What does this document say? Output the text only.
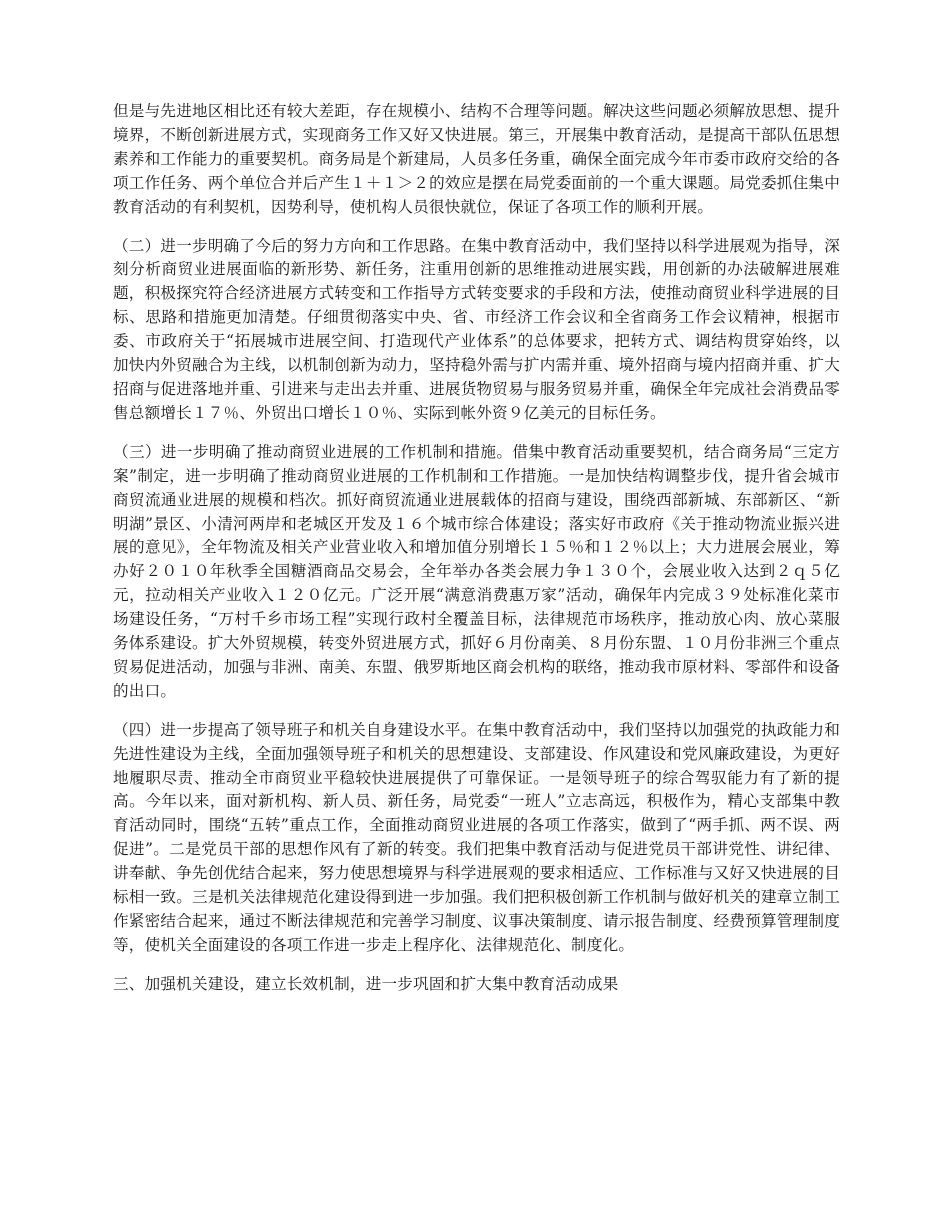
但是与先进地区相比还有较大差距，存在规模小、结构不合理等问题。解决这些问题必须解放思想、提升境界，不断创新进展方式，实现商务工作又好又快进展。第三，开展集中教育活动，是提高干部队伍思想素养和工作能力的重要契机。商务局是个新建局，人员多任务重，确保全面完成今年市委市政府交给的各项工作任务、两个单位合并后产生１＋１＞２的效应是摆在局党委面前的一个重大课题。局党委抓住集中教育活动的有利契机，因势利导，使机构人员很快就位，保证了各项工作的顺利开展。

（二）进一步明确了今后的努力方向和工作思路。在集中教育活动中，我们坚持以科学进展观为指导，深刻分析商贸业进展面临的新形势、新任务，注重用创新的思维推动进展实践，用创新的办法破解进展难题，积极探究符合经济进展方式转变和工作指导方式转变要求的手段和方法，使推动商贸业科学进展的目标、思路和措施更加清楚。仔细贯彻落实中央、省、市经济工作会议和全省商务工作会议精神，根据市委、市政府关于“拓展城市进展空间、打造现代产业体系”的总体要求，把转方式、调结构贯穿始终，以加快内外贸融合为主线，以机制创新为动力，坚持稳外需与扩内需并重、境外招商与境内招商并重、扩大招商与促进落地并重、引进来与走出去并重、进展货物贸易与服务贸易并重，确保全年完成社会消费品零售总额增长１７％、外贸出口增长１０％、实际到帐外资９亿美元的目标任务。

（三）进一步明确了推动商贸业进展的工作机制和措施。借集中教育活动重要契机，结合商务局“三定方案”制定，进一步明确了推动商贸业进展的工作机制和工作措施。一是加快结构调整步伐，提升省会城市商贸流通业进展的规模和档次。抓好商贸流通业进展载体的招商与建设，围绕西部新城、东部新区、“新明湖”景区、小清河两岸和老城区开发及１６个城市综合体建设；落实好市政府《关于推动物流业振兴进展的意见》，全年物流及相关产业营业收入和增加值分别增长１５％和１２％以上；大力进展会展业，筹办好２０１０年秋季全国糖酒商品交易会，全年举办各类会展力争１３０个，会展业收入达到２ｑ５亿元，拉动相关产业收入１２０亿元。广泛开展“满意消费惠万家”活动，确保年内完成３９处标准化菜市场建设任务，“万村千乡市场工程”实现行政村全覆盖目标，法律规范市场秩序，推动放心肉、放心菜服务体系建设。扩大外贸规模，转变外贸进展方式，抓好６月份南美、８月份东盟、１０月份非洲三个重点贸易促进活动，加强与非洲、南美、东盟、俄罗斯地区商会机构的联络，推动我市原材料、零部件和设备的出口。

（四）进一步提高了领导班子和机关自身建设水平。在集中教育活动中，我们坚持以加强党的执政能力和先进性建设为主线，全面加强领导班子和机关的思想建设、支部建设、作风建设和党风廉政建设，为更好地履职尽责、推动全市商贸业平稳较快进展提供了可靠保证。一是领导班子的综合驾驭能力有了新的提高。今年以来，面对新机构、新人员、新任务，局党委“一班人”立志高远，积极作为，精心支部集中教育活动同时，围绕“五转”重点工作，全面推动商贸业进展的各项工作落实，做到了“两手抓、两不误、两促进”。二是党员干部的思想作风有了新的转变。我们把集中教育活动与促进党员干部讲党性、讲纪律、讲奉献、争先创优结合起来，努力使思想境界与科学进展观的要求相适应、工作标准与又好又快进展的目标相一致。三是机关法律规范化建设得到进一步加强。我们把积极创新工作机制与做好机关的建章立制工作紧密结合起来，通过不断法律规范和完善学习制度、议事决策制度、请示报告制度、经费预算管理制度等，使机关全面建设的各项工作进一步走上程序化、法律规范化、制度化。

三、加强机关建设，建立长效机制，进一步巩固和扩大集中教育活动成果
